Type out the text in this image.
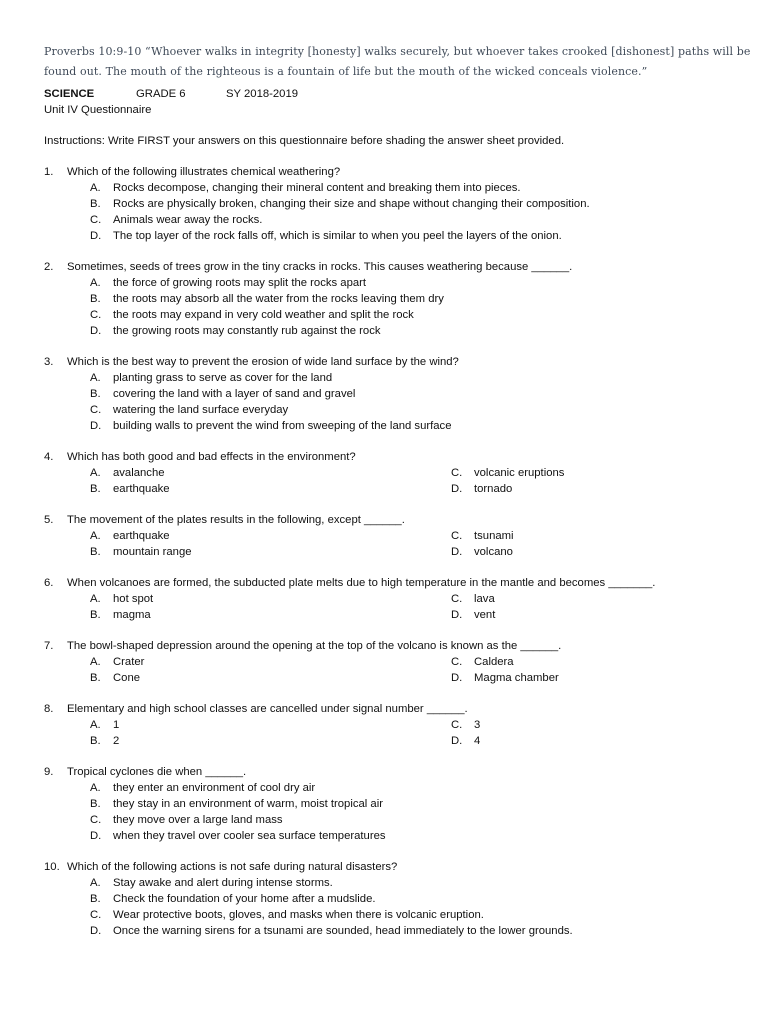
Proverbs 10:9-10 “Whoever walks in integrity [honesty] walks securely, but whoever takes crooked [dishonest] paths will be found out. The mouth of the righteous is a fountain of life but the mouth of the wicked conceals violence.”
SCIENCE	GRADE 6	SY 2018-2019
Unit IV Questionnaire
Instructions: Write FIRST your answers on this questionnaire before shading the answer sheet provided.
1. Which of the following illustrates chemical weathering?
A. Rocks decompose, changing their mineral content and breaking them into pieces.
B. Rocks are physically broken, changing their size and shape without changing their composition.
C. Animals wear away the rocks.
D. The top layer of the rock falls off, which is similar to when you peel the layers of the onion.
2. Sometimes, seeds of trees grow in the tiny cracks in rocks. This causes weathering because ______.
A. the force of growing roots may split the rocks apart
B. the roots may absorb all the water from the rocks leaving them dry
C. the roots may expand in very cold weather and split the rock
D. the growing roots may constantly rub against the rock
3. Which is the best way to prevent the erosion of wide land surface by the wind?
A. planting grass to serve as cover for the land
B. covering the land with a layer of sand and gravel
C. watering the land surface everyday
D. building walls to prevent the wind from sweeping of the land surface
4. Which has both good and bad effects in the environment?
A. avalanche
B. earthquake
C. volcanic eruptions
D. tornado
5. The movement of the plates results in the following, except ______.
A. earthquake
B. mountain range
C. tsunami
D. volcano
6. When volcanoes are formed, the subducted plate melts due to high temperature in the mantle and becomes _______.
A. hot spot
B. magma
C. lava
D. vent
7. The bowl-shaped depression around the opening at the top of the volcano is known as the ______.
A. Crater
B. Cone
C. Caldera
D. Magma chamber
8. Elementary and high school classes are cancelled under signal number ______.
A. 1
B. 2
C. 3
D. 4
9. Tropical cyclones die when ______.
A. they enter an environment of cool dry air
B. they stay in an environment of warm, moist tropical air
C. they move over a large land mass
D. when they travel over cooler sea surface temperatures
10. Which of the following actions is not safe during natural disasters?
A. Stay awake and alert during intense storms.
B. Check the foundation of your home after a mudslide.
C. Wear protective boots, gloves, and masks when there is volcanic eruption.
D. Once the warning sirens for a tsunami are sounded, head immediately to the lower grounds.
